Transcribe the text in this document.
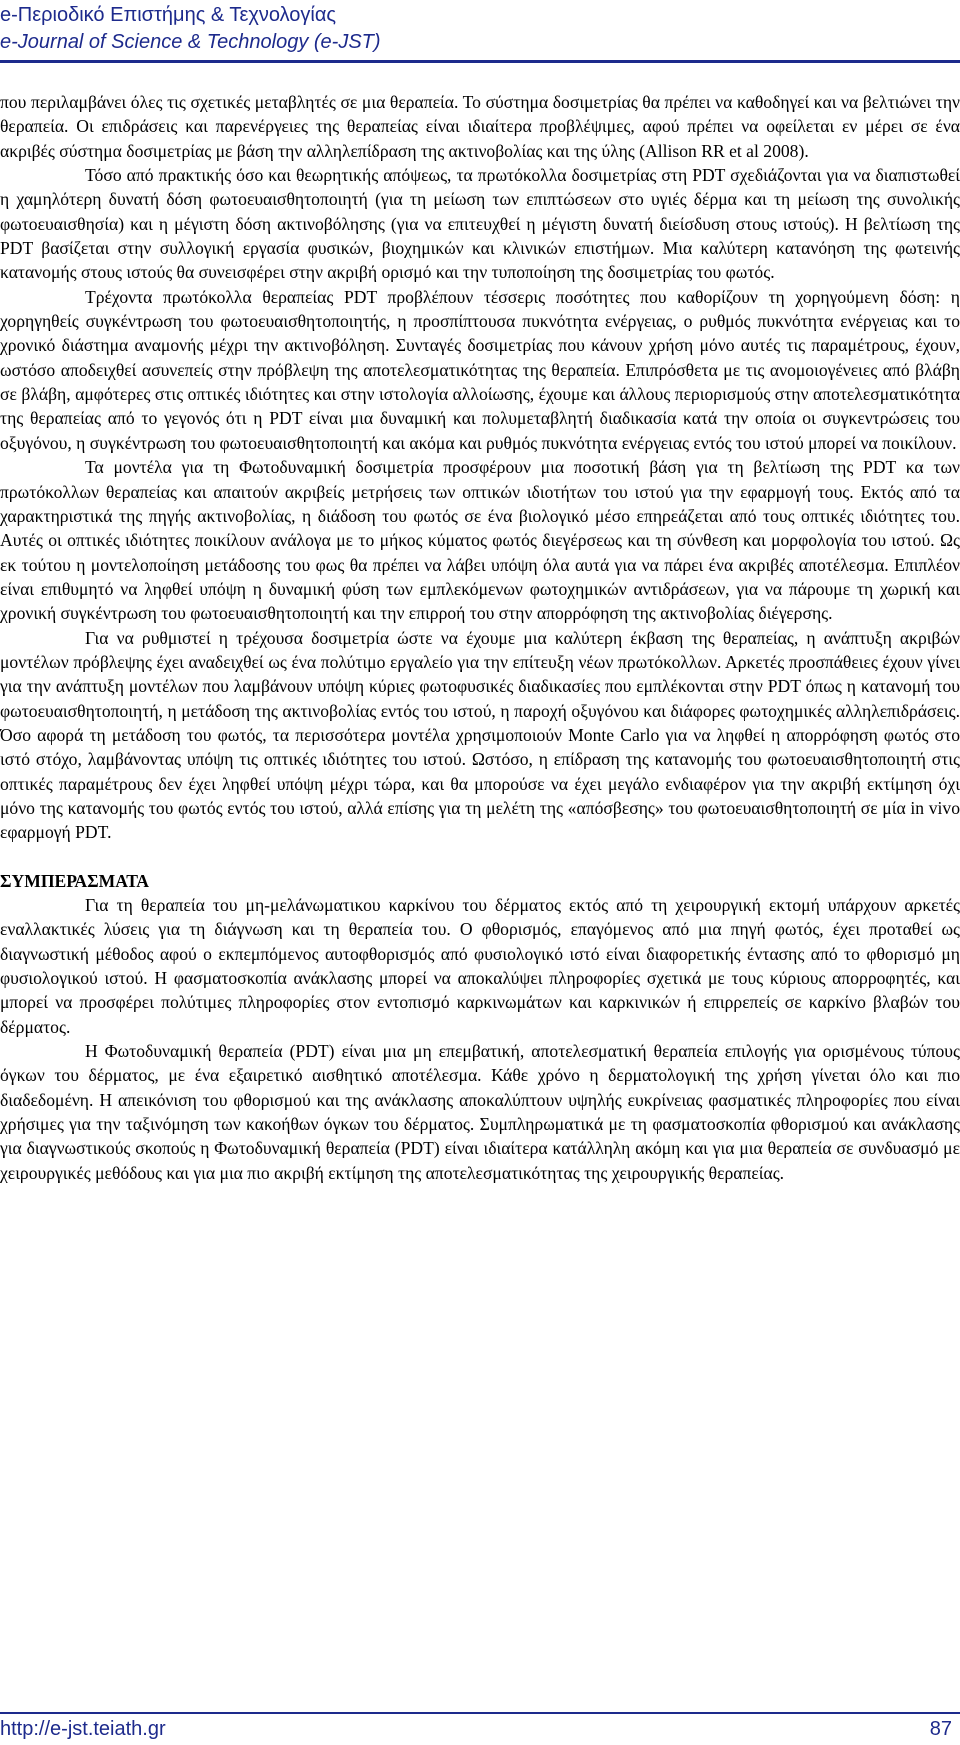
e-Περιοδικό Επιστήμης & Τεχνολογίας
e-Journal of Science & Technology (e-JST)

που περιλαμβάνει όλες τις σχετικές μεταβλητές σε μια θεραπεία. Το σύστημα δοσιμετρίας θα πρέπει να καθοδηγεί και να βελτιώνει την θεραπεία. Οι επιδράσεις και παρενέργειες της θεραπείας είναι ιδιαίτερα προβλέψιμες, αφού πρέπει να οφείλεται εν μέρει σε ένα ακριβές σύστημα δοσιμετρίας με βάση την αλληλεπίδραση της ακτινοβολίας και της ύλης (Allison RR et al 2008).

Τόσο από πρακτικής όσο και θεωρητικής απόψεως, τα πρωτόκολλα δοσιμετρίας στη PDT σχεδιάζονται για να διαπιστωθεί η χαμηλότερη δυνατή δόση φωτοευαισθητοποιητή (για τη μείωση των επιπτώσεων στο υγιές δέρμα και τη μείωση της συνολικής φωτοευαισθησία) και η μέγιστη δόση ακτινοβόλησης (για να επιτευχθεί η μέγιστη δυνατή διείσδυση στους ιστούς). Η βελτίωση της PDT βασίζεται στην συλλογική εργασία φυσικών, βιοχημικών και κλινικών επιστήμων. Μια καλύτερη κατανόηση της φωτεινής κατανομής στους ιστούς θα συνεισφέρει στην ακριβή ορισμό και την τυποποίηση της δοσιμετρίας του φωτός.

Τρέχοντα πρωτόκολλα θεραπείας PDT προβλέπουν τέσσερις ποσότητες που καθορίζουν τη χορηγούμενη δόση: η χορηγηθείς συγκέντρωση του φωτοευαισθητοποιητής, η προσπίπτουσα πυκνότητα ενέργειας, ο ρυθμός πυκνότητα ενέργειας και το χρονικό διάστημα αναμονής μέχρι την ακτινοβόληση. Συνταγές δοσιμετρίας που κάνουν χρήση μόνο αυτές τις παραμέτρους, έχουν, ωστόσο αποδειχθεί ασυνεπείς στην πρόβλεψη της αποτελεσματικότητας της θεραπεία. Επιπρόσθετα με τις ανομοιογένειες από βλάβη σε βλάβη, αμφότερες στις οπτικές ιδιότητες και στην ιστολογία αλλοίωσης, έχουμε και άλλους περιορισμούς στην αποτελεσματικότητα της θεραπείας από το γεγονός ότι η PDT είναι μια δυναμική και πολυμεταβλητή διαδικασία κατά την οποία οι συγκεντρώσεις του οξυγόνου, η συγκέντρωση του φωτοευαισθητοποιητή και ακόμα και ρυθμός πυκνότητα ενέργειας εντός του ιστού μπορεί να ποικίλουν.

Τα μοντέλα για τη Φωτοδυναμική δοσιμετρία προσφέρουν μια ποσοτική βάση για τη βελτίωση της PDT κα των πρωτόκολλων θεραπείας και απαιτούν ακριβείς μετρήσεις των οπτικών ιδιοτήτων του ιστού για την εφαρμογή τους. Εκτός από τα χαρακτηριστικά της πηγής ακτινοβολίας, η διάδοση του φωτός σε ένα βιολογικό μέσο επηρεάζεται από τους οπτικές ιδιότητες του. Αυτές οι οπτικές ιδιότητες ποικίλουν ανάλογα με το μήκος κύματος φωτός διεγέρσεως και τη σύνθεση και μορφολογία του ιστού. Ως εκ τούτου η μοντελοποίηση μετάδοσης του φως θα πρέπει να λάβει υπόψη όλα αυτά για να πάρει ένα ακριβές αποτέλεσμα. Επιπλέον είναι επιθυμητό να ληφθεί υπόψη η δυναμική φύση των εμπλεκόμενων φωτοχημικών αντιδράσεων, για να πάρουμε τη χωρική και χρονική συγκέντρωση του φωτοευαισθητοποιητή και την επιρροή του στην απορρόφηση της ακτινοβολίας διέγερσης.

Για να ρυθμιστεί η τρέχουσα δοσιμετρία ώστε να έχουμε μια καλύτερη έκβαση της θεραπείας, η ανάπτυξη ακριβών μοντέλων πρόβλεψης έχει αναδειχθεί ως ένα πολύτιμο εργαλείο για την επίτευξη νέων πρωτόκολλων. Αρκετές προσπάθειες έχουν γίνει για την ανάπτυξη μοντέλων που λαμβάνουν υπόψη κύριες φωτοφυσικές διαδικασίες που εμπλέκονται στην PDT όπως η κατανομή του φωτοευαισθητοποιητή, η μετάδοση της ακτινοβολίας εντός του ιστού, η παροχή οξυγόνου και διάφορες φωτοχημικές αλληλεπιδράσεις. Όσο αφορά τη μετάδοση του φωτός, τα περισσότερα μοντέλα χρησιμοποιούν Monte Carlo για να ληφθεί η απορρόφηση φωτός στο ιστό στόχο, λαμβάνοντας υπόψη τις οπτικές ιδιότητες του ιστού. Ωστόσο, η επίδραση της κατανομής του φωτοευαισθητοποιητή στις οπτικές παραμέτρους δεν έχει ληφθεί υπόψη μέχρι τώρα, και θα μπορούσε να έχει μεγάλο ενδιαφέρον για την ακριβή εκτίμηση όχι μόνο της κατανομής του φωτός εντός του ιστού, αλλά επίσης για τη μελέτη της «απόσβεσης» του φωτοευαισθητοποιητή σε μία in vivo εφαρμογή PDT.

ΣΥΜΠΕΡΑΣΜΑΤΑ

Για τη θεραπεία του μη-μελάνωματικου καρκίνου του δέρματος εκτός από τη χειρουργική εκτομή υπάρχουν αρκετές εναλλακτικές λύσεις για τη διάγνωση και τη θεραπεία του. Ο φθορισμός, επαγόμενος από μια πηγή φωτός, έχει προταθεί ως διαγνωστική μέθοδος αφού ο εκπεμπόμενος αυτοφθορισμός από φυσιολογικό ιστό είναι διαφορετικής έντασης από το φθορισμό μη φυσιολογικού ιστού. Η φασματοσκοπία ανάκλασης μπορεί να αποκαλύψει πληροφορίες σχετικά με τους κύριους απορροφητές, και μπορεί να προσφέρει πολύτιμες πληροφορίες στον εντοπισμό καρκινωμάτων και καρκινικών ή επιρρεπείς σε καρκίνο βλαβών του δέρματος.

Η Φωτοδυναμική θεραπεία (PDT) είναι μια μη επεμβατική, αποτελεσματική θεραπεία επιλογής για ορισμένους τύπους όγκων του δέρματος, με ένα εξαιρετικό αισθητικό αποτέλεσμα. Κάθε χρόνο η δερματολογική της χρήση γίνεται όλο και πιο διαδεδομένη. Η απεικόνιση του φθορισμού και της ανάκλασης αποκαλύπτουν υψηλής ευκρίνειας φασματικές πληροφορίες που είναι χρήσιμες για την ταξινόμηση των κακοήθων όγκων του δέρματος. Συμπληρωματικά με τη φασματοσκοπία φθορισμού και ανάκλασης για διαγνωστικούς σκοπούς η Φωτοδυναμική θεραπεία (PDT) είναι ιδιαίτερα κατάλληλη ακόμη και για μια θεραπεία σε συνδυασμό με χειρουργικές μεθόδους και για μια πιο ακριβή εκτίμηση της αποτελεσματικότητας της χειρουργικής θεραπείας.

http://e-jst.teiath.gr	87
